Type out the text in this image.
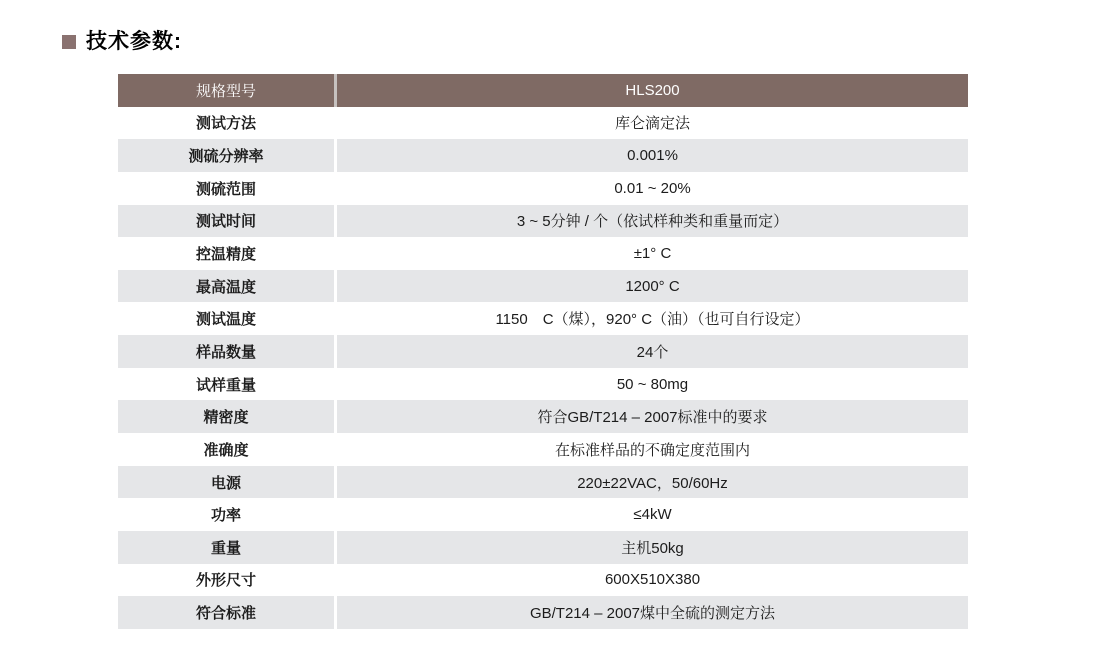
技术参数:
规格型号	HLS200
测试方法	库仑滴定法
测硫分辨率	0.001%
测硫范围	0.01 ~ 20%
测试时间	3 ~ 5分钟 / 个（依试样种类和重量而定）
控温精度	±1° C
最高温度	1200° C
测试温度	1150　C（煤），920° C（油）（也可自行设定）
样品数量	24个
试样重量	50 ~ 80mg
精密度	符合GB/T214 – 2007标准中的要求
准确度	在标准样品的不确定度范围内
电源	220±22VAC，50/60Hz
功率	≤4kW
重量	主机50kg
外形尺寸	600X510X380
符合标准	GB/T214 – 2007煤中全硫的测定方法
